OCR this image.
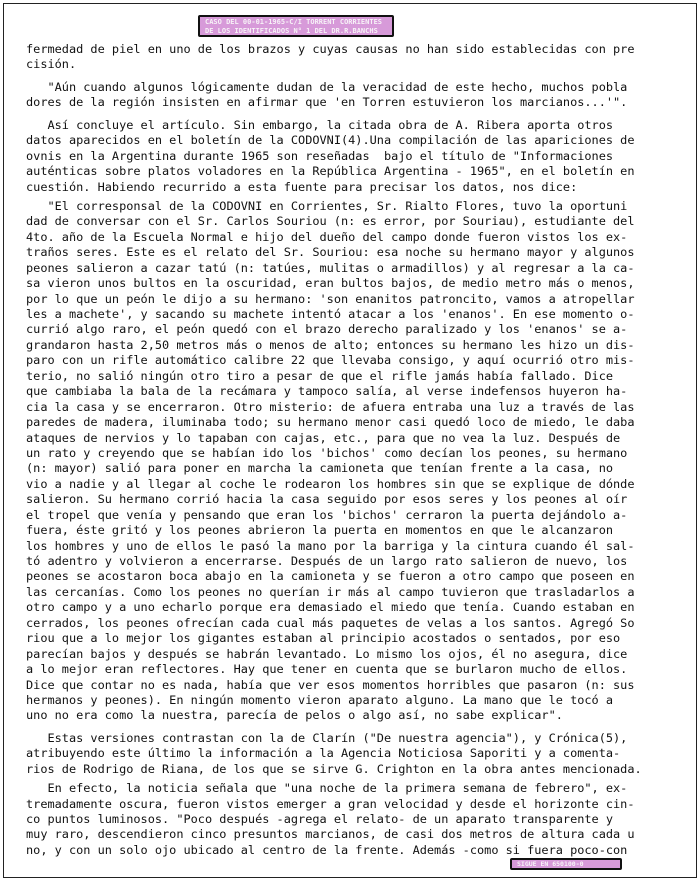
CASO DEL 00-01-1965-C/I TORRENT CORRIENTES
DE LOS IDENTIFICADOS N° 1 DEL DR.R.BANCHS
fermedad de piel en uno de los brazos y cuyas causas no han sido establecidas con pre
cisión.
"Aún cuando algunos lógicamente dudan de la veracidad de este hecho, muchos pobla
dores de la región insisten en afirmar que 'en Torren estuvieron los marcianos...'".
Así concluye el artículo. Sin embargo, la citada obra de A. Ribera aporta otros
datos aparecidos en el boletín de la CODOVNI(4).Una compilación de las apariciones de
ovnis en la Argentina durante 1965 son reseñadas  bajo el título de "Informaciones
auténticas sobre platos voladores en la República Argentina - 1965", en el boletín en
cuestión. Habiendo recurrido a esta fuente para precisar los datos, nos dice:
"El corresponsal de la CODOVNI en Corrientes, Sr. Rialto Flores, tuvo la oportuni
dad de conversar con el Sr. Carlos Souriou (n: es error, por Souriau), estudiante del
4to. año de la Escuela Normal e hijo del dueño del campo donde fueron vistos los ex-
traños seres. Este es el relato del Sr. Souriou: esa noche su hermano mayor y algunos
peones salieron a cazar tatú (n: tatúes, mulitas o armadillos) y al regresar a la ca-
sa vieron unos bultos en la oscuridad, eran bultos bajos, de medio metro más o menos,
por lo que un peón le dijo a su hermano: 'son enanitos patroncito, vamos a atropellar
les a machete', y sacando su machete intentó atacar a los 'enanos'. En ese momento o-
currió algo raro, el peón quedó con el brazo derecho paralizado y los 'enanos' se a-
grandaron hasta 2,50 metros más o menos de alto; entonces su hermano les hizo un dis-
paro con un rifle automático calibre 22 que llevaba consigo, y aquí ocurrió otro mis-
terio, no salió ningún otro tiro a pesar de que el rifle jamás había fallado. Dice
que cambiaba la bala de la recámara y tampoco salía, al verse indefensos huyeron ha-
cia la casa y se encerraron. Otro misterio: de afuera entraba una luz a través de las
paredes de madera, iluminaba todo; su hermano menor casi quedó loco de miedo, le daba
ataques de nervios y lo tapaban con cajas, etc., para que no vea la luz. Después de
un rato y creyendo que se habían ido los 'bichos' como decían los peones, su hermano
(n: mayor) salió para poner en marcha la camioneta que tenían frente a la casa, no
vio a nadie y al llegar al coche le rodearon los hombres sin que se explique de dónde
salieron. Su hermano corrió hacia la casa seguido por esos seres y los peones al oír
el tropel que venía y pensando que eran los 'bichos' cerraron la puerta dejándolo a-
fuera, éste gritó y los peones abrieron la puerta en momentos en que le alcanzaron
los hombres y uno de ellos le pasó la mano por la barriga y la cintura cuando él sal-
tó adentro y volvieron a encerrarse. Después de un largo rato salieron de nuevo, los
peones se acostaron boca abajo en la camioneta y se fueron a otro campo que poseen en
las cercanías. Como los peones no querían ir más al campo tuvieron que trasladarlos a
otro campo y a uno echarlo porque era demasiado el miedo que tenía. Cuando estaban en
cerrados, los peones ofrecían cada cual más paquetes de velas a los santos. Agregó So
riou que a lo mejor los gigantes estaban al principio acostados o sentados, por eso
parecían bajos y después se habrán levantado. Lo mismo los ojos, él no asegura, dice
a lo mejor eran reflectores. Hay que tener en cuenta que se burlaron mucho de ellos.
Dice que contar no es nada, había que ver esos momentos horribles que pasaron (n: sus
hermanos y peones). En ningún momento vieron aparato alguno. La mano que le tocó a
uno no era como la nuestra, parecía de pelos o algo así, no sabe explicar".
Estas versiones contrastan con la de Clarín ("De nuestra agencia"), y Crónica(5),
atribuyendo este último la información a la Agencia Noticiosa Saporiti y a comenta-
rios de Rodrigo de Riana, de los que se sirve G. Crighton en la obra antes mencionada.
En efecto, la noticia señala que "una noche de la primera semana de febrero", ex-
tremadamente oscura, fueron vistos emerger a gran velocidad y desde el horizonte cin-
co puntos luminosos. "Poco después -agrega el relato- de un aparato transparente y
muy raro, descendieron cinco presuntos marcianos, de casi dos metros de altura cada u
no, y con un solo ojo ubicado al centro de la frente. Además -como si fuera poco-con
SIGUE EN 650100-0
